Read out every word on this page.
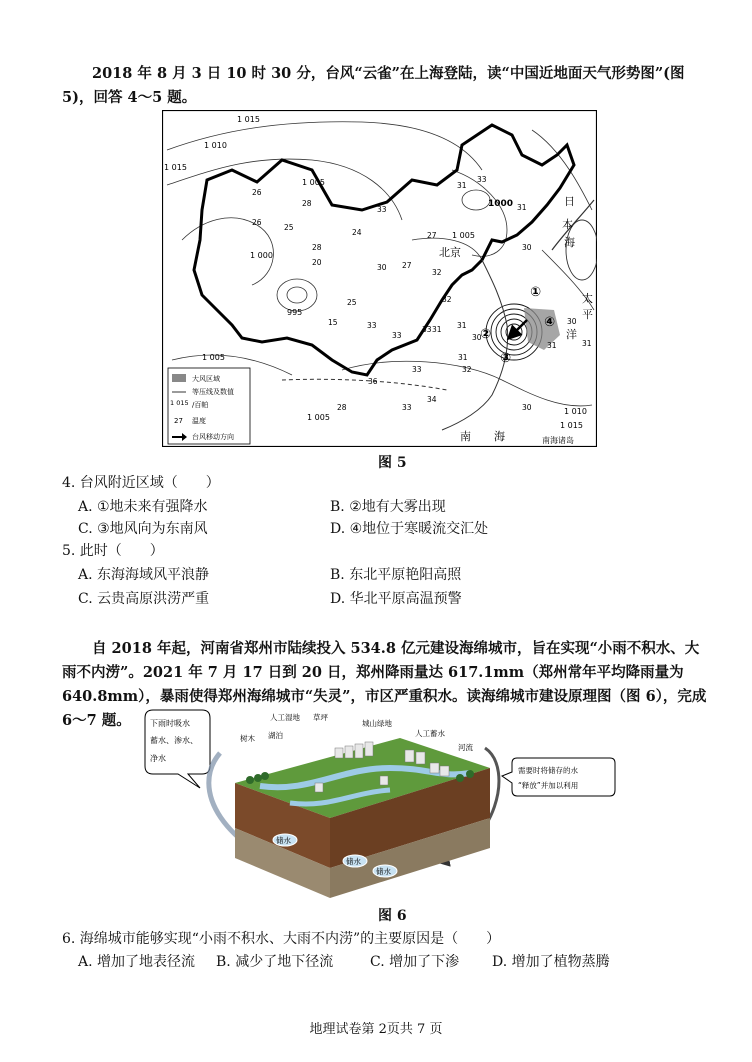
2018 年 8 月 3 日 10 时 30 分，台风“云雀”在上海登陆，读“中国近地面天气形势图”(图 5)，回答 4～5 题。
北京
日
本
海
太
平
洋
南 海	南海诸岛
①
②
③
④
1 015
1 010
1 015
1 005
1000
1 005
1 000
995
1 005
1 005
1 010
1 015
26
28
26
25
20
28
24
33
27
31
33
31
30
30
15	33
27
32
25
33
33
32
31
31
33
31
32
30
36
28
34
33	30
31
30
31
大风区域
等压线及数值
1 015 /百帕
27 温度
台风移动方向
图 5
4. 台风附近区域（　　）
A. ①地未来有强降水	B. ②地有大雾出现
C. ③地风向为东南风	D. ④地位于寒暖流交汇处
5. 此时（　　）
A. 东海海域风平浪静	B. 东北平原艳阳高照
C. 云贵高原洪涝严重	D. 华北平原高温预警
自 2018 年起，河南省郑州市陆续投入 534.8 亿元建设海绵城市，旨在实现“小雨不积水、大雨不内涝”。2021 年 7 月 17 日到 20 日，郑州降雨量达 617.1mm（郑州常年平均降雨量为 640.8mm），暴雨使得郑州海绵城市“失灵”，市区严重积水。读海绵城市建设原理图（图 6），完成 6～7 题。	下雨时吸水
蓄水、渗水、
净水
需要时将储存的水
“释放”并加以利用
人工湿地 草坪
树木 湖泊
城山绿地
人工蓄水
河流
储水
储水
储水
图 6
6. 海绵城市能够实现“小雨不积水、大雨不内涝”的主要原因是（　　）
A. 增加了地表径流 B. 减少了地下径流	C. 增加了下渗 D. 增加了植物蒸腾
地理试卷第 2页共 7 页
